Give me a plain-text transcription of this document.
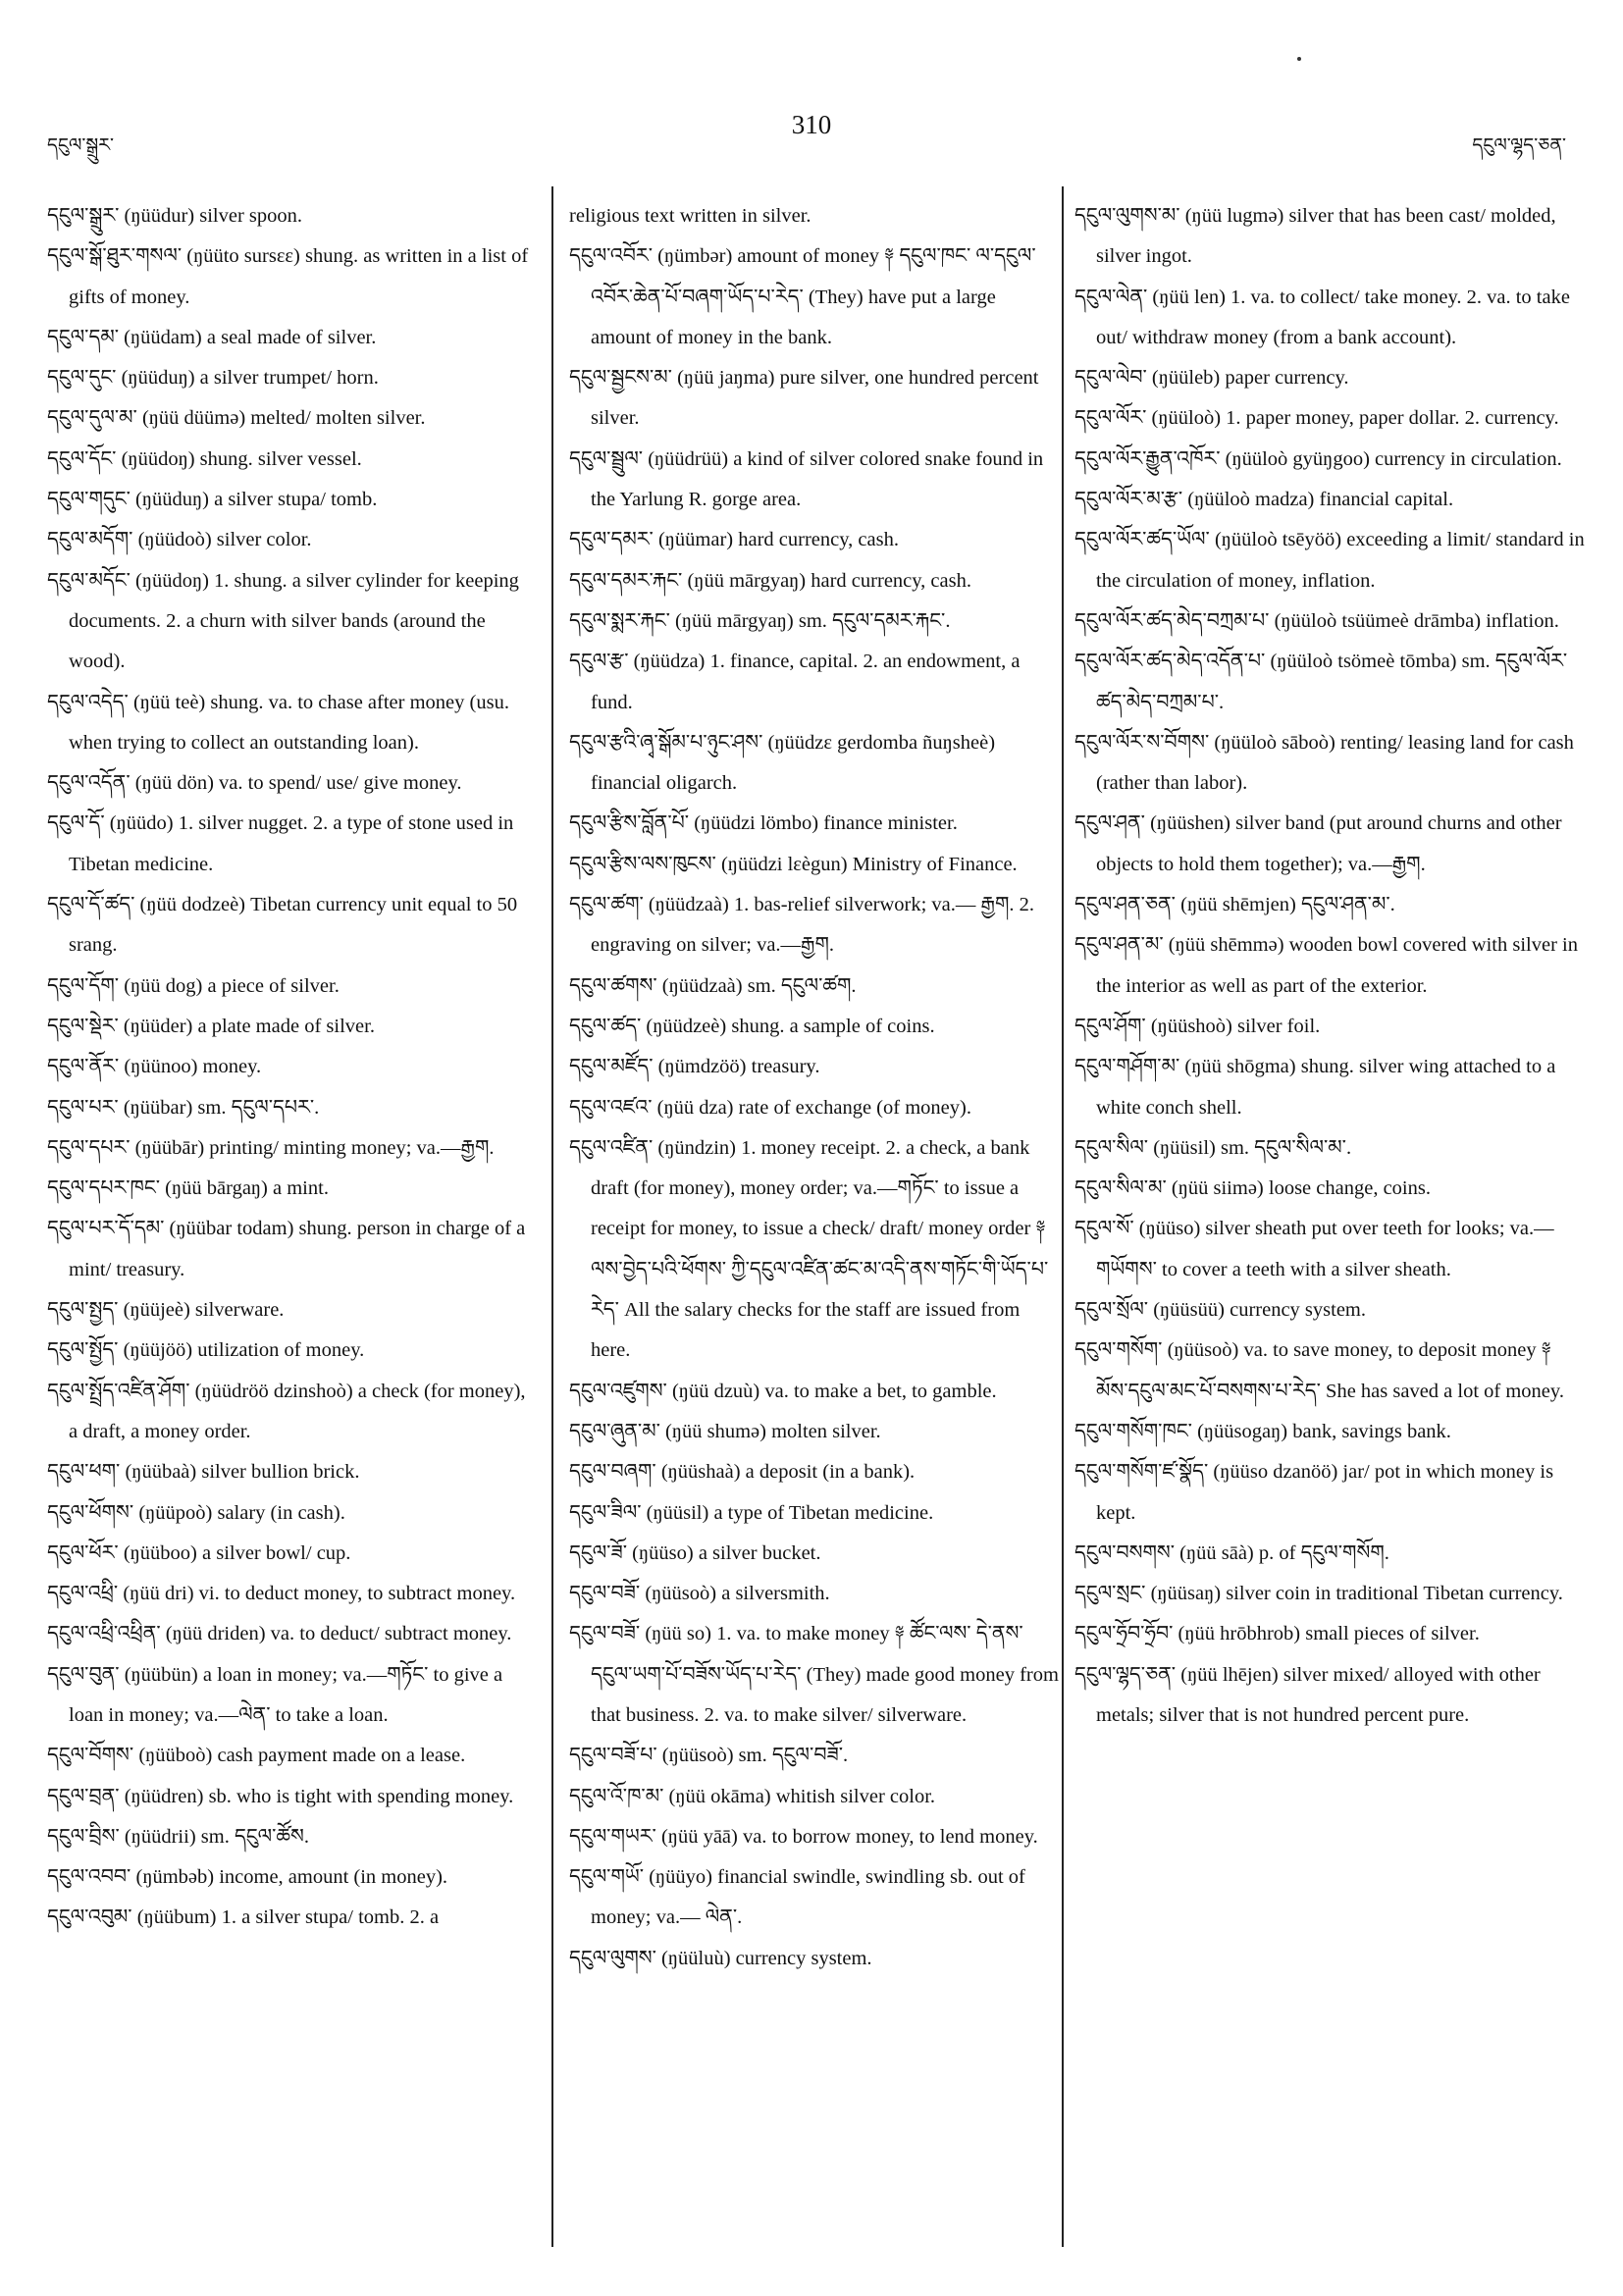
དངུལ་སྒྲུར་
310
དངུལ་ལྷད་ཅན་

དངུལ་སྒྲུར་ (ŋüüdur) silver spoon.

དངུལ་སྒོ་ཐུར་གསལ་ (ŋüüto sursεε) shung. as written in a list of gifts of money.

དངུལ་དམ་ (ŋüüdam) a seal made of silver.

དངུལ་དུང་ (ŋüüduŋ) a silver trumpet/ horn.

དངུལ་དུལ་མ་ (ŋüü düümə) melted/ molten silver.

དངུལ་དོང་ (ŋüüdoŋ) shung. silver vessel.

དངུལ་གདུང་ (ŋüüduŋ) a silver stupa/ tomb.

དངུལ་མདོག་ (ŋüüdoò) silver color.

དངུལ་མདོང་ (ŋüüdoŋ) 1. shung. a silver cylinder for keeping documents. 2. a churn with silver bands (around the wood).

དངུལ་འདེད་ (ŋüü teè) shung. va. to chase after money (usu. when trying to collect an outstanding loan).

དངུལ་འདོན་ (ŋüü dön) va. to spend/ use/ give money.

དངུལ་དོ་ (ŋüüdo) 1. silver nugget. 2. a type of stone used in Tibetan medicine.

དངུལ་དོ་ཚད་ (ŋüü dodzeè) Tibetan currency unit equal to 50 srang.

དངུལ་དོག་ (ŋüü dog) a piece of silver.

དངུལ་སྡེར་ (ŋüüder) a plate made of silver.

དངུལ་ནོར་ (ŋüünoo) money.

དངུལ་པར་ (ŋüübar) sm. དངུལ་དཔར་.

དངུལ་དཔར་ (ŋüübār) printing/ minting money; va.—རྒྱག.

དངུལ་དཔར་ཁང་ (ŋüü bārgaŋ) a mint.

དངུལ་པར་དོ་དམ་ (ŋüübar todam) shung. person in charge of a mint/ treasury.

དངུལ་སྤྱད་ (ŋüüjeè) silverware.

དངུལ་སྤྱོད་ (ŋüüjöö) utilization of money.

དངུལ་སྤྲོད་འཛིན་ཤོག་ (ŋüüdröö dzinshoò) a check (for money), a draft, a money order.

དངུལ་ཕག་ (ŋüübaà) silver bullion brick.

དངུལ་ཕོགས་ (ŋüüpoò) salary (in cash).

དངུལ་ཕོར་ (ŋüüboo) a silver bowl/ cup.

དངུལ་འཕྲི་ (ŋüü dri) vi. to deduct money, to subtract money.

དངུལ་འཕྲི་འཕྲིན་ (ŋüü driden) va. to deduct/ subtract money.

དངུལ་བུན་ (ŋüübün) a loan in money; va.—གཏོང་ to give a loan in money; va.—ལེན་ to take a loan.

དངུལ་བོགས་ (ŋüüboò) cash payment made on a lease.

དངུལ་བྲན་ (ŋüüdren) sb. who is tight with spending money.

དངུལ་བྲིས་ (ŋüüdrii) sm. དངུལ་ཚོས.

དངུལ་འབབ་ (ŋümbəb) income, amount (in money).

དངུལ་འབུམ་ (ŋüübum) 1. a silver stupa/ tomb. 2. a

religious text written in silver.

དངུལ་འབོར་ (ŋümbər) amount of money ༈ དངུལ་ཁང་ ལ་དངུལ་འབོར་ཆེན་པོ་བཞག་ཡོད་པ་རེད་ (They) have put a large amount of money in the bank.

དངུལ་སྦྱངས་མ་ (ŋüü jaŋma) pure silver, one hundred percent silver.

དངུལ་སྦྲུལ་ (ŋüüdrüü) a kind of silver colored snake found in the Yarlung R. gorge area.

དངུལ་དམར་ (ŋüümar) hard currency, cash.

དངུལ་དམར་རྐང་ (ŋüü mārgyaŋ) hard currency, cash.

དངུལ་སྨར་རྐང་ (ŋüü mārgyaŋ) sm. དངུལ་དམར་རྐང་.

དངུལ་རྩ་ (ŋüüdza) 1. finance, capital. 2. an endowment, a fund.

དངུལ་རྩའི་ཞྭ་སྒོམ་པ་ཉུང་ཤས་ (ŋüüdzε gerdomba ñuŋsheè) financial oligarch.

དངུལ་རྩིས་བློན་པོ་ (ŋüüdzi lömbo) finance minister.

དངུལ་རྩིས་ལས་ཁུངས་ (ŋüüdzi lεègun) Ministry of Finance.

དངུལ་ཚག་ (ŋüüdzaà) 1. bas-relief silverwork; va.— རྒྱག. 2. engraving on silver; va.—རྒྱག.

དངུལ་ཚགས་ (ŋüüdzaà) sm. དངུལ་ཚག.

དངུལ་ཚད་ (ŋüüdzeè) shung. a sample of coins.

དངུལ་མཛོད་ (ŋümdzöö) treasury.

དངུལ་འཛའ་ (ŋüü dza) rate of exchange (of money).

དངུལ་འཛིན་ (ŋündzin) 1. money receipt. 2. a check, a bank draft (for money), money order; va.—གཏོང་ to issue a receipt for money, to issue a check/ draft/ money order ༈ ལས་བྱེད་པའི་ཕོགས་ ཀྱི་དངུལ་འཛིན་ཚང་མ་འདི་ནས་གཏོང་གི་ཡོད་པ་རེད་ All the salary checks for the staff are issued from here.

དངུལ་འཛུགས་ (ŋüü dzuù) va. to make a bet, to gamble.

དངུལ་ཞུན་མ་ (ŋüü shumə) molten silver.

དངུལ་བཞག་ (ŋüüshaà) a deposit (in a bank).

དངུལ་ཟིལ་ (ŋüüsil) a type of Tibetan medicine.

དངུལ་ཟོ་ (ŋüüso) a silver bucket.

དངུལ་བཟོ་ (ŋüüsoò) a silversmith.

དངུལ་བཟོ་ (ŋüü so) 1. va. to make money ༈ ཚོང་ལས་ དེ་ནས་དངུལ་ཡག་པོ་བཟོས་ཡོད་པ་རེད་ (They) made good money from that business. 2. va. to make silver/ silverware.

དངུལ་བཟོ་པ་ (ŋüüsoò) sm. དངུལ་བཟོ་.

དངུལ་འོ་ཁ་མ་ (ŋüü okāma) whitish silver color.

དངུལ་གཡར་ (ŋüü yāā) va. to borrow money, to lend money.

དངུལ་གཡོ་ (ŋüüyo) financial swindle, swindling sb. out of money; va.— ལེན་.

དངུལ་ལུགས་ (ŋüüluù) currency system.

དངུལ་ལུགས་མ་ (ŋüü lugmə) silver that has been cast/ molded, silver ingot.

དངུལ་ལེན་ (ŋüü len) 1. va. to collect/ take money. 2. va. to take out/ withdraw money (from a bank account).

དངུལ་ལེབ་ (ŋüüleb) paper currency.

དངུལ་ལོར་ (ŋüüloò) 1. paper money, paper dollar. 2. currency.

དངུལ་ལོར་རྒྱུན་འཁོར་ (ŋüüloò gyüŋgoo) currency in circulation.

དངུལ་ལོར་མ་རྩ་ (ŋüüloò madza) financial capital.

དངུལ་ལོར་ཚད་ཡོལ་ (ŋüüloò tsēyöö) exceeding a limit/ standard in the circulation of money, inflation.

དངུལ་ལོར་ཚད་མེད་བཀྲམ་པ་ (ŋüüloò tsüümeè drāmba) inflation.

དངུལ་ལོར་ཚད་མེད་འདོན་པ་ (ŋüüloò tsömeè tōmba) sm. དངུལ་ལོར་ཚད་མེད་བཀྲམ་པ་.

དངུལ་ལོར་ས་བོགས་ (ŋüüloò sāboò) renting/ leasing land for cash (rather than labor).

དངུལ་ཤན་ (ŋüüshen) silver band (put around churns and other objects to hold them together); va.—རྒྱག.

དངུལ་ཤན་ཅན་ (ŋüü shēmjen) དངུལ་ཤན་མ་.

དངུལ་ཤན་མ་ (ŋüü shēmmə) wooden bowl covered with silver in the interior as well as part of the exterior.

དངུལ་ཤོག་ (ŋüüshoò) silver foil.

དངུལ་གཤོག་མ་ (ŋüü shōgma) shung. silver wing attached to a white conch shell.

དངུལ་སིལ་ (ŋüüsil) sm. དངུལ་སིལ་མ་.

དངུལ་སིལ་མ་ (ŋüü siimə) loose change, coins.

དངུལ་སོ་ (ŋüüso) silver sheath put over teeth for looks; va.—གཡོགས་ to cover a teeth with a silver sheath.

དངུལ་སྲོལ་ (ŋüüsüü) currency system.

དངུལ་གསོག་ (ŋüüsoò) va. to save money, to deposit money ༈ མོས་དངུལ་མང་པོ་བསགས་པ་རེད་ She has saved a lot of money.

དངུལ་གསོག་ཁང་ (ŋüüsogaŋ) bank, savings bank.

དངུལ་གསོག་ཛ་སྣོད་ (ŋüüso dzanöö) jar/ pot in which money is kept.

དངུལ་བསགས་ (ŋüü sāà) p. of དངུལ་གསོག.

དངུལ་སྲང་ (ŋüüsaŋ) silver coin in traditional Tibetan currency.

དངུལ་ཧྲོབ་ཧྲོབ་ (ŋüü hrōbhrob) small pieces of silver.

དངུལ་ལྷད་ཅན་ (ŋüü lhējen) silver mixed/ alloyed with other metals; silver that is not hundred percent pure.
